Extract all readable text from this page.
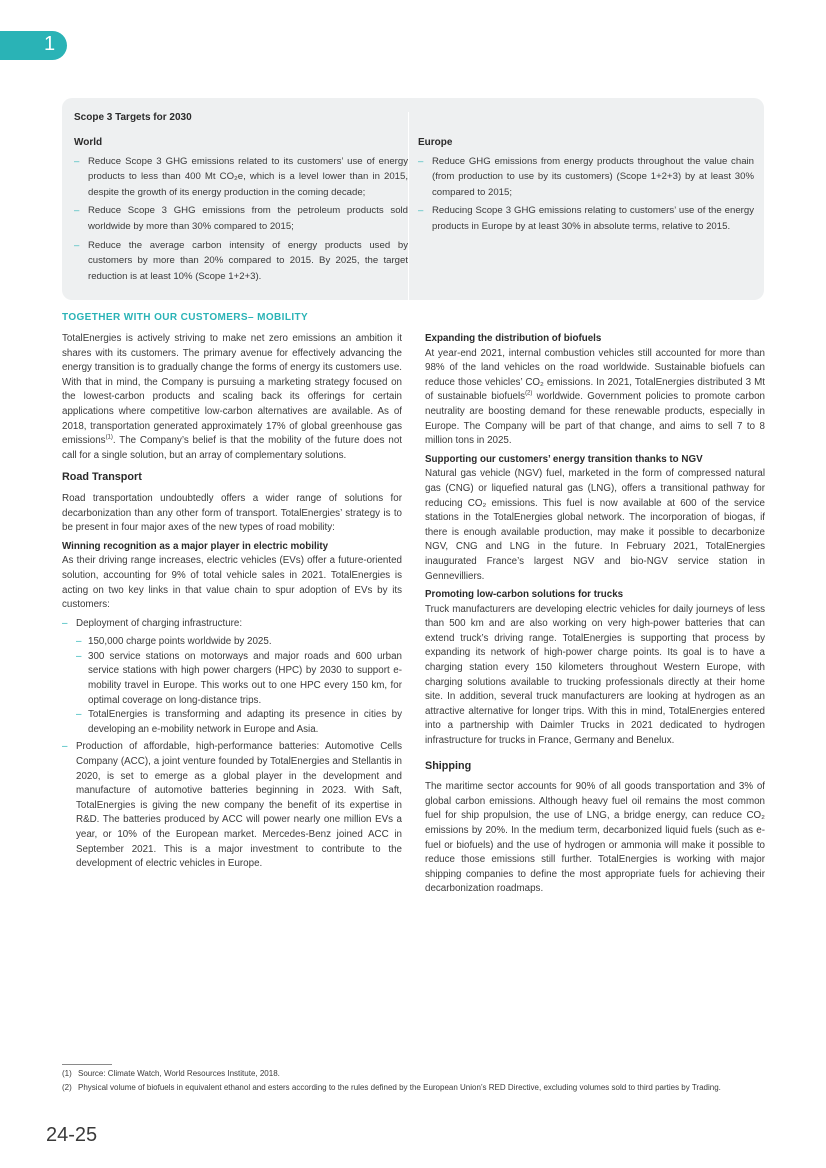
1
Scope 3 Targets for 2030
World
– Reduce Scope 3 GHG emissions related to its customers’ use of energy products to less than 400 Mt CO₂e, which is a level lower than in 2015, despite the growth of its energy production in the coming decade;
– Reduce Scope 3 GHG emissions from the petroleum products sold worldwide by more than 30% compared to 2015;
– Reduce the average carbon intensity of energy products used by customers by more than 20% compared to 2015. By 2025, the target reduction is at least 10% (Scope 1+2+3).
Europe
– Reduce GHG emissions from energy products throughout the value chain (from production to use by its customers) (Scope 1+2+3) by at least 30% compared to 2015;
– Reducing Scope 3 GHG emissions relating to customers’ use of the energy products in Europe by at least 30% in absolute terms, relative to 2015.
TOGETHER WITH OUR CUSTOMERS– MOBILITY

TotalEnergies is actively striving to make net zero emissions an ambition it shares with its customers. The primary avenue for effectively advancing the energy transition is to gradually change the forms of energy its customers use. With that in mind, the Company is pursuing a marketing strategy focused on the lowest-carbon products and scaling back its offerings for certain applications where competitive low-carbon alternatives are available. As of 2018, transportation generated approximately 17% of global greenhouse gas emissions$^{(1)}$. The Company’s belief is that the mobility of the future does not call for a single solution, but an array of complementary solutions.

Road Transport

Road transportation undoubtedly offers a wider range of solutions for decarbonization than any other form of transport. TotalEnergies’ strategy is to be present in four major axes of the new types of road mobility:

Winning recognition as a major player in electric mobility

As their driving range increases, electric vehicles (EVs) offer a future-oriented solution, accounting for 9% of total vehicle sales in 2021. TotalEnergies is acting on two key links in that value chain to spur adoption of EVs by its customers:

– Deployment of charging infrastructure:
– 150,000 charge points worldwide by 2025.
– 300 service stations on motorways and major roads and 600 urban service stations with high power chargers (HPC) by 2030 to support e-mobility travel in Europe. This works out to one HPC every 150 km, for optimal coverage on long-distance trips.
– TotalEnergies is transforming and adapting its presence in cities by developing an e-mobility network in Europe and Asia.
– Production of affordable, high-performance batteries: Automotive Cells Company (ACC), a joint venture founded by TotalEnergies and Stellantis in 2020, is set to emerge as a global player in the development and manufacture of automotive batteries beginning in 2023. With Saft, TotalEnergies is giving the new company the benefit of its expertise in R&D. The batteries produced by ACC will power nearly one million EVs a year, or 10% of the European market. Mercedes-Benz joined ACC in September 2021. This is a major investment to contribute to the development of electric vehicles in Europe.
Expanding the distribution of biofuels

At year-end 2021, internal combustion vehicles still accounted for more than 98% of the land vehicles on the road worldwide. Sustainable biofuels can reduce those vehicles’ CO₂ emissions. In 2021, TotalEnergies distributed 3 Mt of sustainable biofuels$^{(2)}$ worldwide. Government policies to promote carbon neutrality are boosting demand for these renewable products, especially in Europe. The Company will be part of that change, and aims to sell 7 to 8 million tons in 2025.

Supporting our customers’ energy transition thanks to NGV

Natural gas vehicle (NGV) fuel, marketed in the form of compressed natural gas (CNG) or liquefied natural gas (LNG), offers a transitional pathway for reducing CO₂ emissions. This fuel is now available at 600 of the service stations in the TotalEnergies global network. The incorporation of biogas, if there is enough available production, may make it possible to decarbonize NGV, CNG and LNG in the future. In February 2021, TotalEnergies inaugurated France’s largest NGV and bio-NGV service station in Gennevilliers.

Promoting low-carbon solutions for trucks

Truck manufacturers are developing electric vehicles for daily journeys of less than 500 km and are also working on very high-power batteries that can extend truck’s driving range. TotalEnergies is supporting that process by expanding its network of high-power charge points. Its goal is to have a charging station every 150 kilometers throughout Western Europe, with charging solutions available to trucking professionals directly at their home site. In addition, several truck manufacturers are looking at hydrogen as an attractive alternative for longer trips. With this in mind, TotalEnergies entered into a partnership with Daimler Trucks in 2021 dedicated to hydrogen infrastructure for trucks in France, Germany and Benelux.

Shipping

The maritime sector accounts for 90% of all goods transportation and 3% of global carbon emissions. Although heavy fuel oil remains the most common fuel for ship propulsion, the use of LNG, a bridge energy, can reduce CO₂ emissions by 20%. In the medium term, decarbonized liquid fuels (such as e-fuel or biofuels) and the use of hydrogen or ammonia will make it possible to reduce those emissions still further. TotalEnergies is working with major shipping companies to define the most appropriate fuels for achieving their decarbonization roadmaps.

(1) Source: Climate Watch, World Resources Institute, 2018.
(2) Physical volume of biofuels in equivalent ethanol and esters according to the rules defined by the European Union’s RED Directive, excluding volumes sold to third parties by Trading.
24-25
